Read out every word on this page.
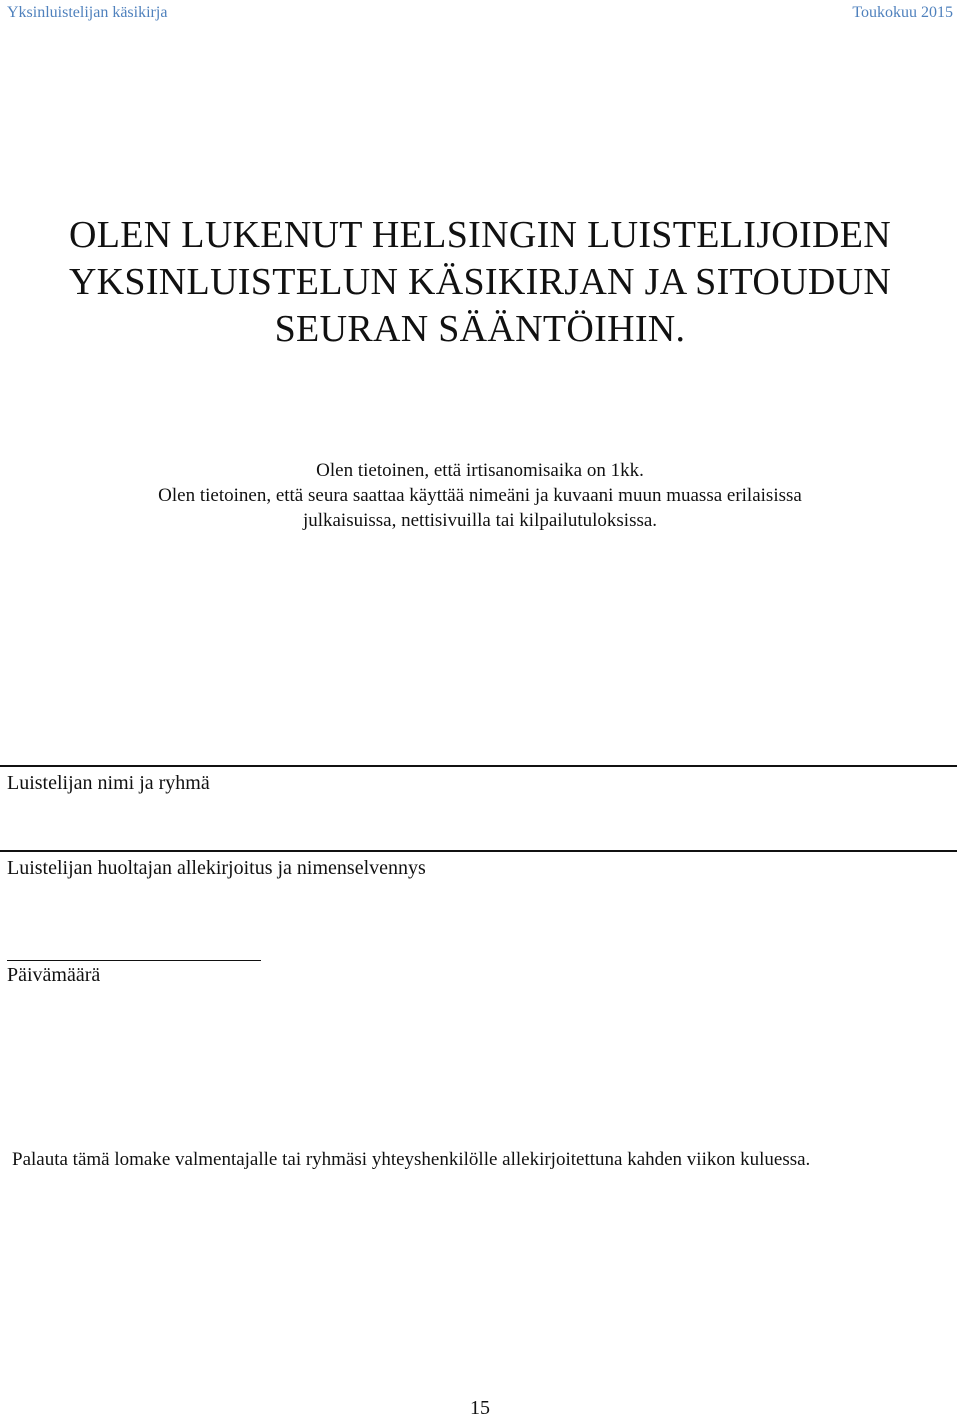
Yksinluistelijan käsikirja	Toukokuu 2015
OLEN LUKENUT HELSINGIN LUISTELIJOIDEN
YKSINLUISTELUN KÄSIKIRJAN JA SITOUDUN
SEURAN SÄÄNTÖIHIN.
Olen tietoinen, että irtisanomisaika on 1kk.
Olen tietoinen, että seura saattaa käyttää nimeäni ja kuvaani muun muassa erilaisissa
julkaisuissa, nettisivuilla tai kilpailutuloksissa.
Luistelijan nimi ja ryhmä
Luistelijan huoltajan allekirjoitus ja nimenselvennys
Päivämäärä
Palauta tämä lomake valmentajalle tai ryhmäsi yhteyshenkilölle allekirjoitettuna kahden viikon kuluessa.
15
